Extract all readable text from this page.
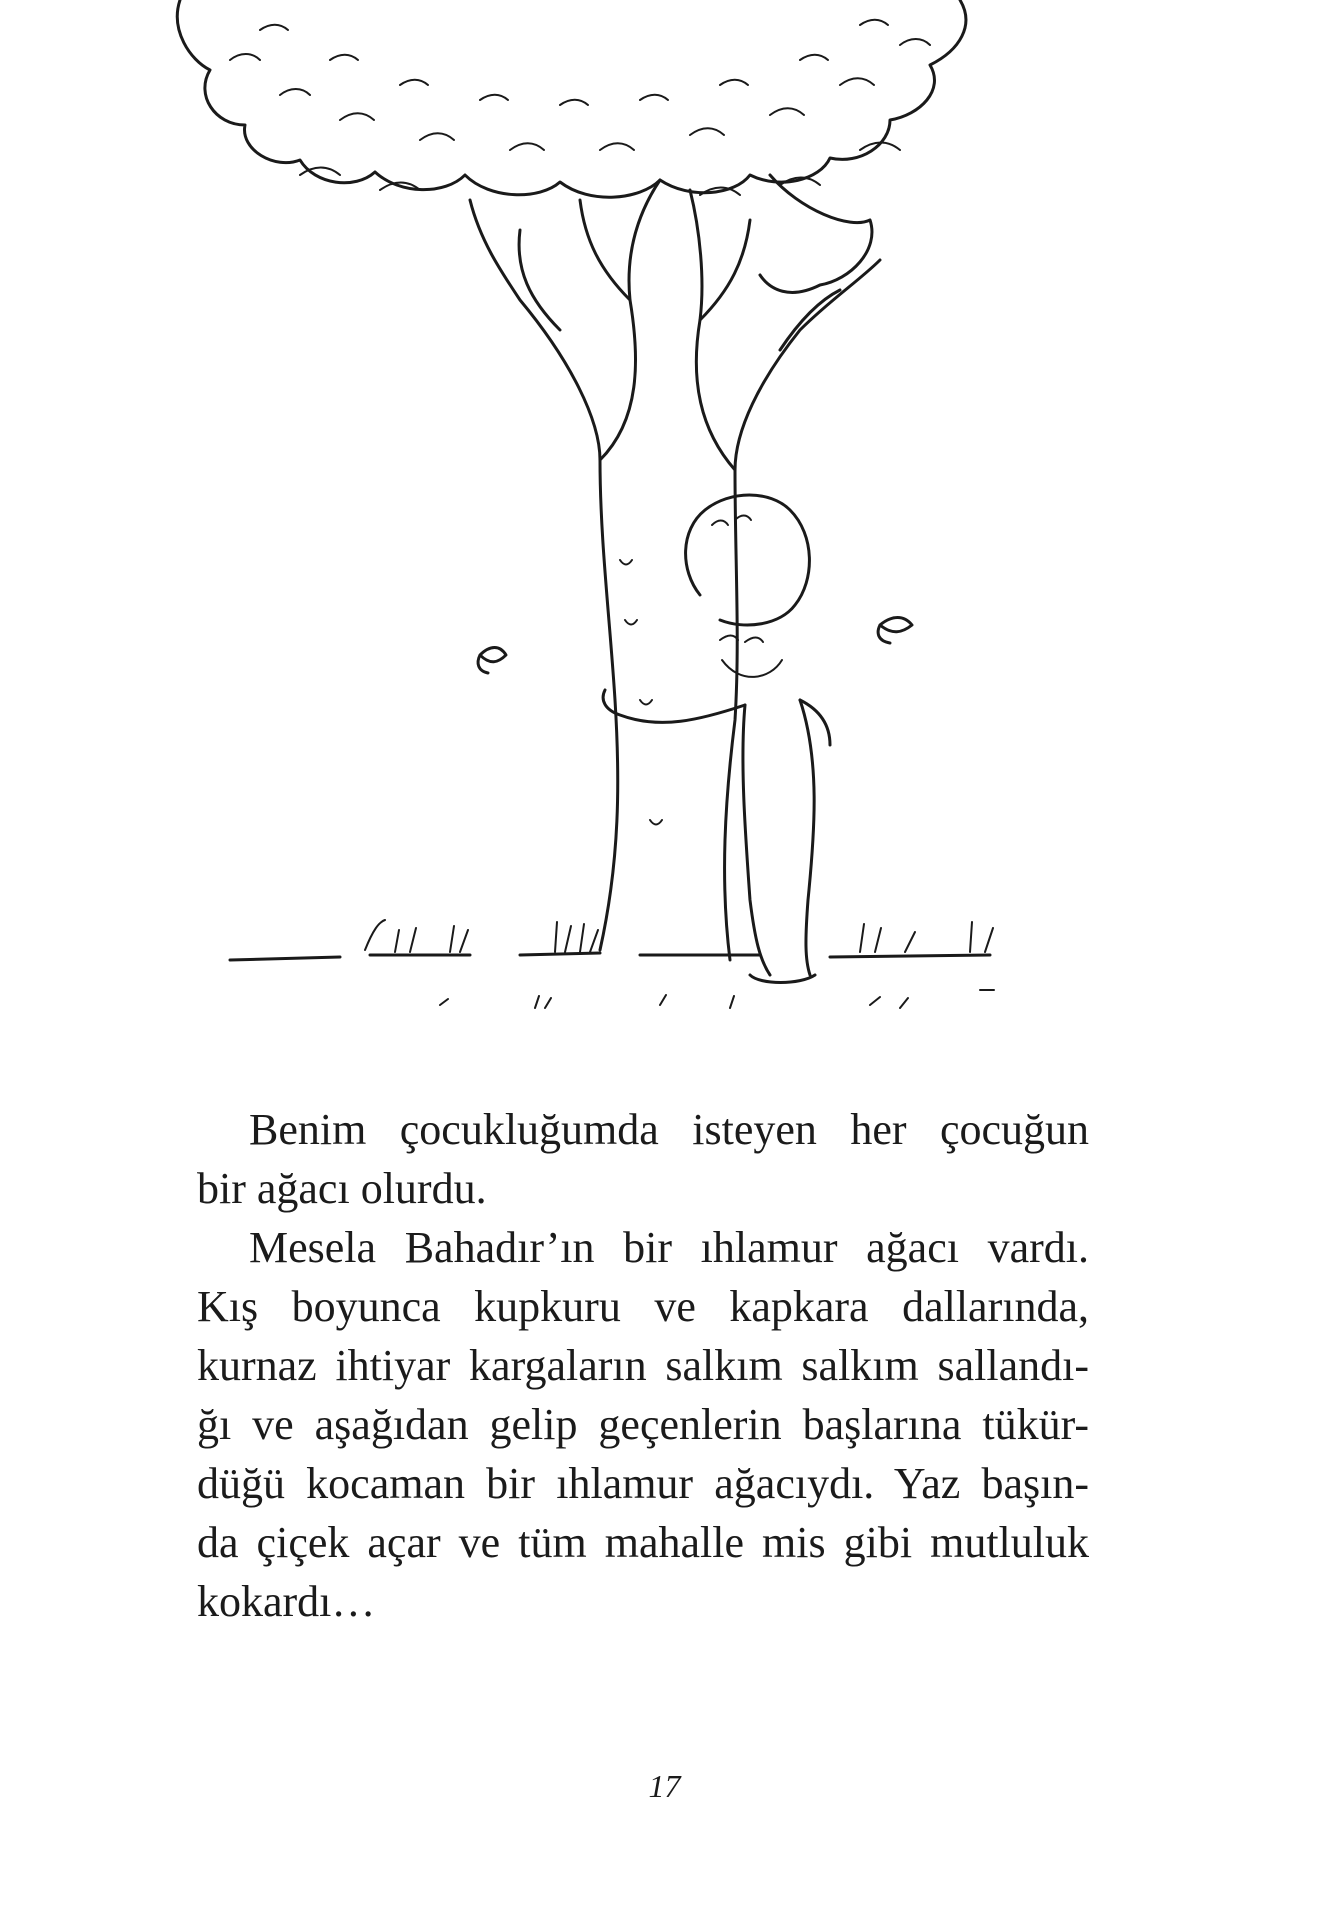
Benim çocukluğumda isteyen her çocuğun
bir ağacı olurdu.
Mesela Bahadır’ın bir ıhlamur ağacı vardı.
Kış boyunca kupkuru ve kapkara dallarında,
kurnaz ihtiyar kargaların salkım salkım sallandı-
ğı ve aşağıdan gelip geçenlerin başlarına tükür-
düğü kocaman bir ıhlamur ağacıydı. Yaz başın-
da çiçek açar ve tüm mahalle mis gibi mutluluk
kokardı…
17
